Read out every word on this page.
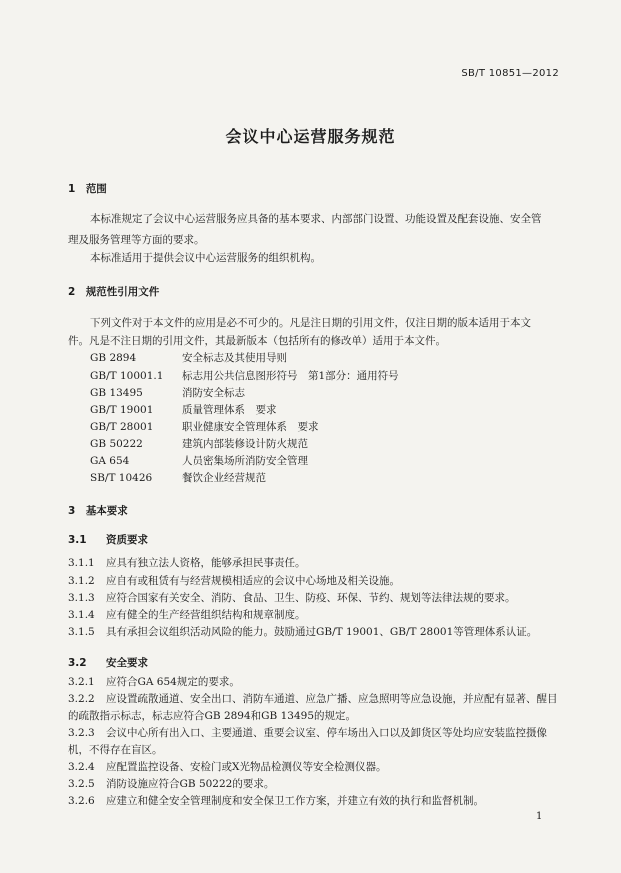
SB/T 10851—2012
会议中心运营服务规范
1　 范围
本标准规定了会议中心运营服务应具备的基本要求、内部部门设置、功能设置及配套设施、安全管
理及服务管理等方面的要求。
本标准适用于提供会议中心运营服务的组织机构。
2　 规范性引用文件
下列文件对于本文件的应用是必不可少的。凡是注日期的引用文件，仅注日期的版本适用于本文
件。凡是不注日期的引用文件，其最新版本（包括所有的修改单）适用于本文件。
GB 2894	安全标志及其使用导则
GB/T 10001.1 标志用公共信息图形符号　第1部分：通用符号
GB 13495	消防安全标志
GB/T 19001	质量管理体系　要求
GB/T 28001	职业健康安全管理体系　要求
GB 50222	建筑内部装修设计防火规范
GA 654	人员密集场所消防安全管理
SB/T 10426	餐饮企业经营规范
3　 基本要求
3.1 资质要求
3.1.1 应具有独立法人资格，能够承担民事责任。
3.1.2 应自有或租赁有与经营规模相适应的会议中心场地及相关设施。
3.1.3 应符合国家有关安全、消防、食品、卫生、防疫、环保、节约、规划等法律法规的要求。
3.1.4 应有健全的生产经营组织结构和规章制度。
3.1.5 具有承担会议组织活动风险的能力。鼓励通过GB/T 19001、GB/T 28001等管理体系认证。
3.2 安全要求
3.2.1 应符合GA 654规定的要求。
3.2.2 应设置疏散通道、安全出口、消防车通道、应急广播、应急照明等应急设施，并应配有显著、醒目
的疏散指示标志，标志应符合GB 2894和GB 13495的规定。
3.2.3 会议中心所有出入口、主要通道、重要会议室、停车场出入口以及卸货区等处均应安装监控摄像
机，不得存在盲区。
3.2.4 应配置监控设备、安检门或X光物品检测仪等安全检测仪器。
3.2.5 消防设施应符合GB 50222的要求。
3.2.6 应建立和健全安全管理制度和安全保卫工作方案，并建立有效的执行和监督机制。
1
